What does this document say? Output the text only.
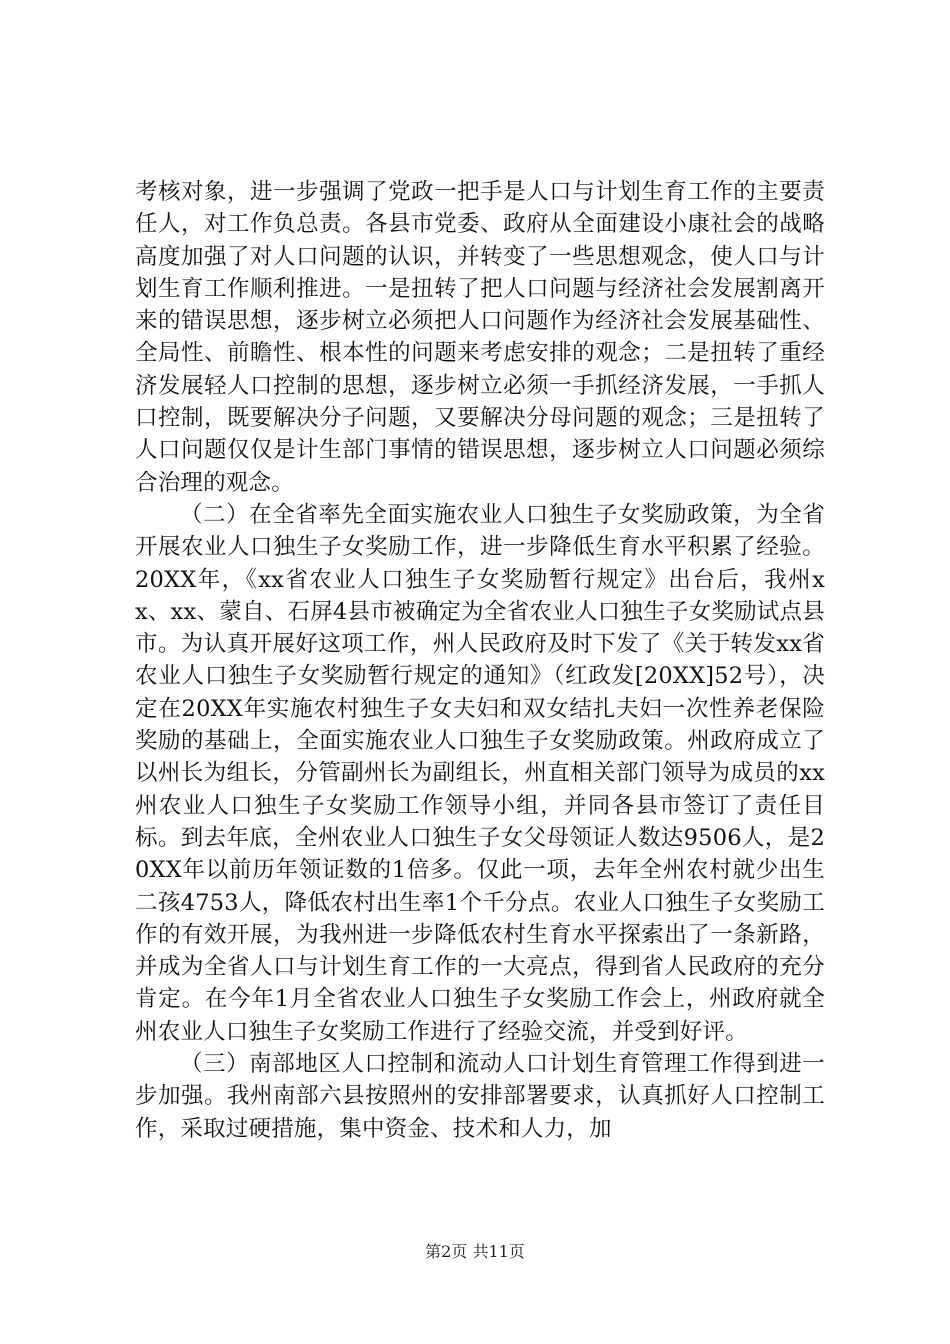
考核对象，进一步强调了党政一把手是人口与计划生育工作的主要责任人，对工作负总责。各县市党委、政府从全面建设小康社会的战略高度加强了对人口问题的认识，并转变了一些思想观念，使人口与计划生育工作顺利推进。一是扭转了把人口问题与经济社会发展割离开来的错误思想，逐步树立必须把人口问题作为经济社会发展基础性、全局性、前瞻性、根本性的问题来考虑安排的观念；二是扭转了重经济发展轻人口控制的思想，逐步树立必须一手抓经济发展，一手抓人口控制，既要解决分子问题，又要解决分母问题的观念；三是扭转了人口问题仅仅是计生部门事情的错误思想，逐步树立人口问题必须综合治理的观念。

（二）在全省率先全面实施农业人口独生子女奖励政策，为全省开展农业人口独生子女奖励工作，进一步降低生育水平积累了经验。20XX年，《xx省农业人口独生子女奖励暂行规定》出台后，我州xx、xx、蒙自、石屏4县市被确定为全省农业人口独生子女奖励试点县市。为认真开展好这项工作，州人民政府及时下发了《关于转发xx省农业人口独生子女奖励暂行规定的通知》（红政发[20XX]52号），决定在20XX年实施农村独生子女夫妇和双女结扎夫妇一次性养老保险奖励的基础上，全面实施农业人口独生子女奖励政策。州政府成立了以州长为组长，分管副州长为副组长，州直相关部门领导为成员的xx州农业人口独生子女奖励工作领导小组，并同各县市签订了责任目标。到去年底，全州农业人口独生子女父母领证人数达9506人，是20XX年以前历年领证数的1倍多。仅此一项，去年全州农村就少出生二孩4753人，降低农村出生率1个千分点。农业人口独生子女奖励工作的有效开展，为我州进一步降低农村生育水平探索出了一条新路，并成为全省人口与计划生育工作的一大亮点，得到省人民政府的充分肯定。在今年1月全省农业人口独生子女奖励工作会上，州政府就全州农业人口独生子女奖励工作进行了经验交流，并受到好评。

（三）南部地区人口控制和流动人口计划生育管理工作得到进一步加强。我州南部六县按照州的安排部署要求，认真抓好人口控制工作，采取过硬措施，集中资金、技术和人力，加

第2页 共11页
